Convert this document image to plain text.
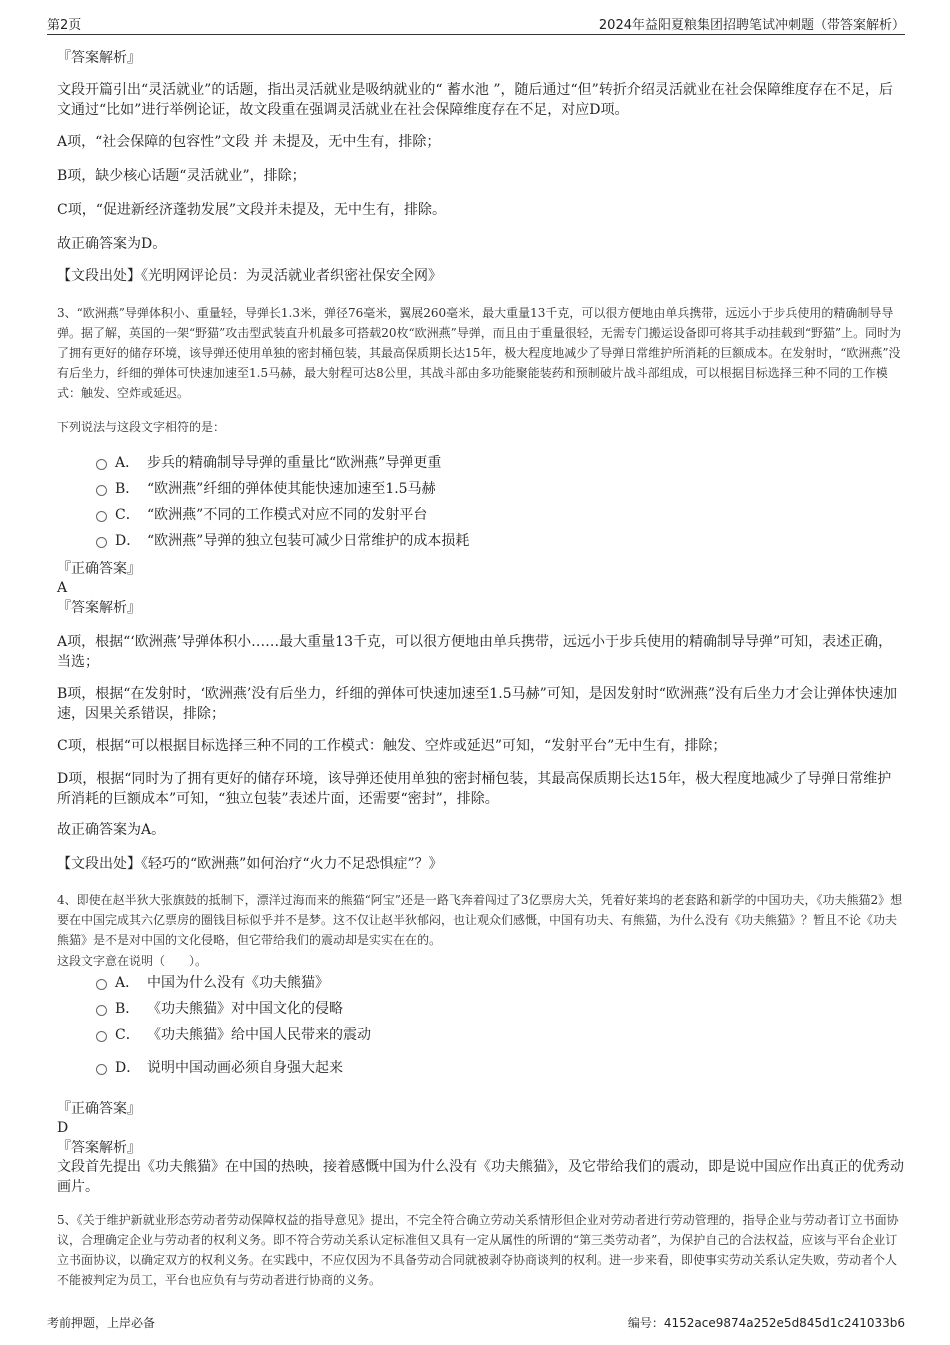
第2页	2024年益阳夏粮集团招聘笔试冲刺题（带答案解析）
『答案解析』
文段开篇引出“灵活就业”的话题，指出灵活就业是吸纳就业的“ 蓄水池 ”，随后通过“但”转折介绍灵活就业在社会保障维度存在不足，后文通过“比如”进行举例论证，故文段重在强调灵活就业在社会保障维度存在不足，对应D项。
A项，“社会保障的包容性”文段 并 未提及，无中生有，排除；
B项，缺少核心话题“灵活就业”，排除；
C项，“促进新经济蓬勃发展”文段并未提及，无中生有，排除。
故正确答案为D。
【文段出处】《光明网评论员：为灵活就业者织密社保安全网》
3、“欧洲燕”导弹体积小、重量轻，导弹长1.3米，弹径76毫米，翼展260毫米，最大重量13千克，可以很方便地由单兵携带，远远小于步兵使用的精确制导导弹。据了解，英国的一架“野猫”攻击型武装直升机最多可搭载20枚“欧洲燕”导弹，而且由于重量很轻，无需专门搬运设备即可将其手动挂载到“野猫”上。同时为了拥有更好的储存环境，该导弹还使用单独的密封桶包装，其最高保质期长达15年，极大程度地减少了导弹日常维护所消耗的巨额成本。在发射时，“欧洲燕”没有后坐力，纤细的弹体可快速加速至1.5马赫，最大射程可达8公里，其战斗部由多功能聚能装药和预制破片战斗部组成，可以根据目标选择三种不同的工作模式：触发、空炸或延迟。
下列说法与这段文字相符的是：
A． 步兵的精确制导导弹的重量比“欧洲燕”导弹更重
B． “欧洲燕”纤细的弹体使其能快速加速至1.5马赫
C． “欧洲燕”不同的工作模式对应不同的发射平台
D． “欧洲燕”导弹的独立包装可减少日常维护的成本损耗
『正确答案』
A
『答案解析』
A项，根据“‘欧洲燕’导弹体积小……最大重量13千克，可以很方便地由单兵携带，远远小于步兵使用的精确制导导弹”可知，表述正确，当选；
B项，根据“在发射时，‘欧洲燕’没有后坐力，纤细的弹体可快速加速至1.5马赫”可知，是因发射时“欧洲燕”没有后坐力才会让弹体快速加速，因果关系错误，排除；
C项，根据“可以根据目标选择三种不同的工作模式：触发、空炸或延迟”可知，“发射平台”无中生有，排除；
D项，根据“同时为了拥有更好的储存环境，该导弹还使用单独的密封桶包装，其最高保质期长达15年，极大程度地减少了导弹日常维护所消耗的巨额成本”可知，“独立包装”表述片面，还需要“密封”，排除。
故正确答案为A。
【文段出处】《轻巧的“欧洲燕”如何治疗“火力不足恐惧症”？》
4、即使在赵半狄大张旗鼓的抵制下，漂洋过海而来的熊猫“阿宝”还是一路飞奔着闯过了3亿票房大关，凭着好莱坞的老套路和新学的中国功夫，《功夫熊猫2》想要在中国完成其六亿票房的圈钱目标似乎并不是梦。这不仅让赵半狄郁闷，也让观众们感慨，中国有功夫、有熊猫，为什么没有《功夫熊猫》？暂且不论《功夫熊猫》是不是对中国的文化侵略，但它带给我们的震动却是实实在在的。
这段文字意在说明（　　）。
A． 中国为什么没有《功夫熊猫》
B． 《功夫熊猫》对中国文化的侵略
C． 《功夫熊猫》给中国人民带来的震动
D． 说明中国动画必须自身强大起来
『正确答案』
D
『答案解析』
文段首先提出《功夫熊猫》在中国的热映，接着感慨中国为什么没有《功夫熊猫》，及它带给我们的震动，即是说中国应作出真正的优秀动画片。
5、《关于维护新就业形态劳动者劳动保障权益的指导意见》提出，不完全符合确立劳动关系情形但企业对劳动者进行劳动管理的，指导企业与劳动者订立书面协议，合理确定企业与劳动者的权利义务。即不符合劳动关系认定标准但又具有一定从属性的所谓的“第三类劳动者”，为保护自己的合法权益，应该与平台企业订立书面协议，以确定双方的权利义务。在实践中，不应仅因为不具备劳动合同就被剥夺协商谈判的权利。进一步来看，即使事实劳动关系认定失败，劳动者个人不能被判定为员工，平台也应负有与劳动者进行协商的义务。
考前押题，上岸必备	编号：4152ace9874a252e5d845d1c241033b6
